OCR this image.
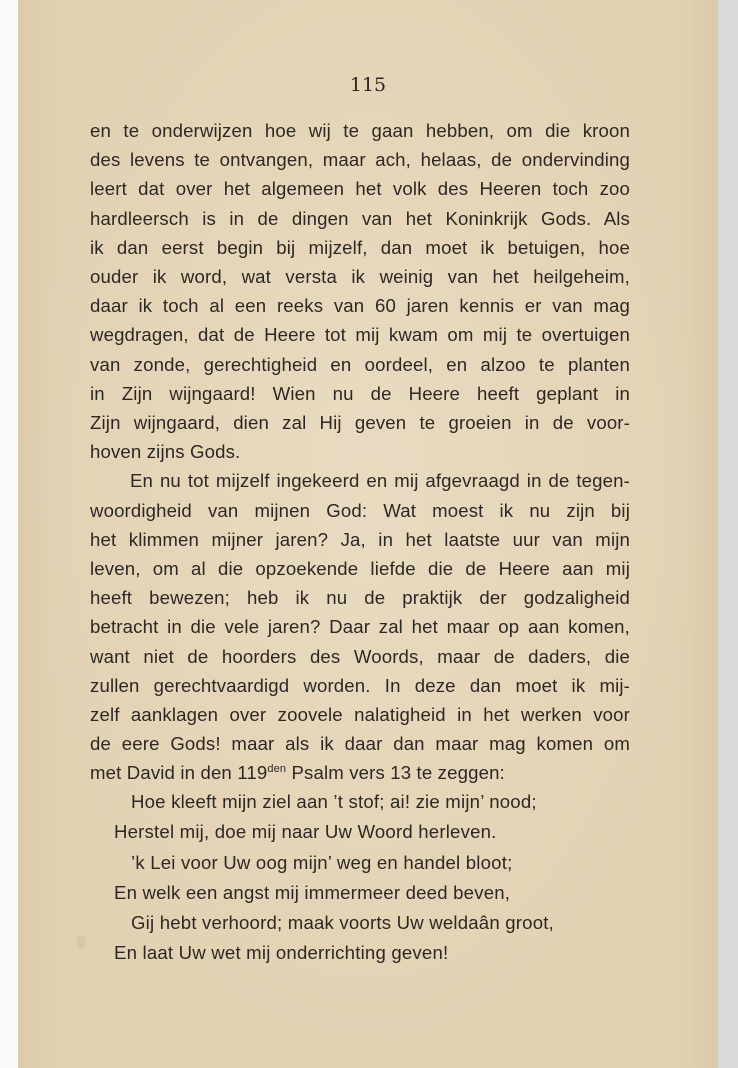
115
en te onderwijzen hoe wij te gaan hebben, om die kroon
des levens te ontvangen, maar ach, helaas, de ondervinding
leert dat over het algemeen het volk des Heeren toch zoo
hardleersch is in de dingen van het Koninkrijk Gods. Als
ik dan eerst begin bij mijzelf, dan moet ik betuigen, hoe
ouder ik word, wat versta ik weinig van het heilgeheim,
daar ik toch al een reeks van 60 jaren kennis er van mag
wegdragen, dat de Heere tot mij kwam om mij te overtuigen
van zonde, gerechtigheid en oordeel, en alzoo te planten
in Zijn wijngaard! Wien nu de Heere heeft geplant in
Zijn wijngaard, dien zal Hij geven te groeien in de voor-
hoven zijns Gods.
En nu tot mijzelf ingekeerd en mij afgevraagd in de tegen-
woordigheid van mijnen God: Wat moest ik nu zijn bij
het klimmen mijner jaren? Ja, in het laatste uur van mijn
leven, om al die opzoekende liefde die de Heere aan mij
heeft bewezen; heb ik nu de praktijk der godzaligheid
betracht in die vele jaren? Daar zal het maar op aan komen,
want niet de hoorders des Woords, maar de daders, die
zullen gerechtvaardigd worden. In deze dan moet ik mij-
zelf aanklagen over zoovele nalatigheid in het werken voor
de eere Gods! maar als ik daar dan maar mag komen om
met David in den $119^{den}$ Psalm vers 13 te zeggen:
Hoe kleeft mijn ziel aan ’t stof; ai! zie mijn’ nood;
Herstel mij, doe mij naar Uw Woord herleven.
’k Lei voor Uw oog mijn’ weg en handel bloot;
En welk een angst mij immermeer deed beven,
Gij hebt verhoord; maak voorts Uw weldaân groot,
En laat Uw wet mij onderrichting geven!
